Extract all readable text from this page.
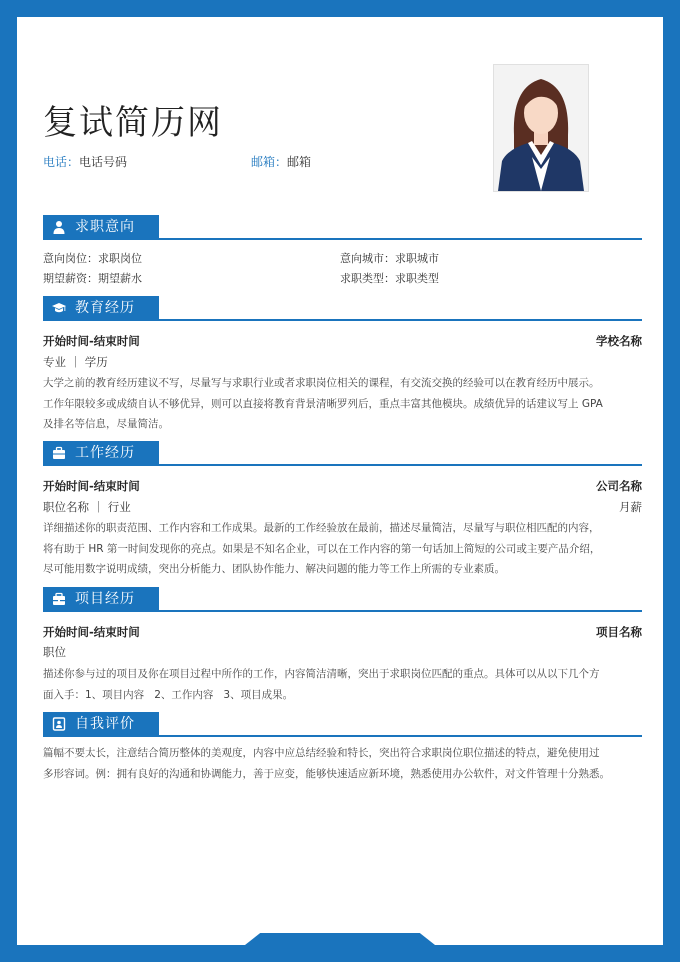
复试简历网
电话：电话号码	邮箱：邮箱
求职意向
意向岗位：求职岗位	意向城市：求职城市
期望薪资：期望薪水	求职类型：求职类型
教育经历
开始时间-结束时间	学校名称
专业 ｜ 学历
大学之前的教育经历建议不写，尽量写与求职行业或者求职岗位相关的课程，有交流交换的经验可以在教育经历中展示。
工作年限较多或成绩自认不够优异，则可以直接将教育背景清晰罗列后，重点丰富其他模块。成绩优异的话建议写上 GPA
及排名等信息，尽量简洁。
工作经历
开始时间-结束时间	公司名称
职位名称 ｜ 行业	月薪
详细描述你的职责范围、工作内容和工作成果。最新的工作经验放在最前，描述尽量简洁，尽量写与职位相匹配的内容，
将有助于 HR 第一时间发现你的亮点。如果是不知名企业，可以在工作内容的第一句话加上简短的公司或主要产品介绍，
尽可能用数字说明成绩，突出分析能力、团队协作能力、解决问题的能力等工作上所需的专业素质。
项目经历
开始时间-结束时间	项目名称
职位
描述你参与过的项目及你在项目过程中所作的工作，内容简洁清晰，突出于求职岗位匹配的重点。具体可以从以下几个方
面入手：1、项目内容   2、工作内容   3、项目成果。
自我评价
篇幅不要太长，注意结合简历整体的美观度，内容中应总结经验和特长，突出符合求职岗位职位描述的特点，避免使用过
多形容词。例：拥有良好的沟通和协调能力，善于应变，能够快速适应新环境，熟悉使用办公软件，对文件管理十分熟悉。
